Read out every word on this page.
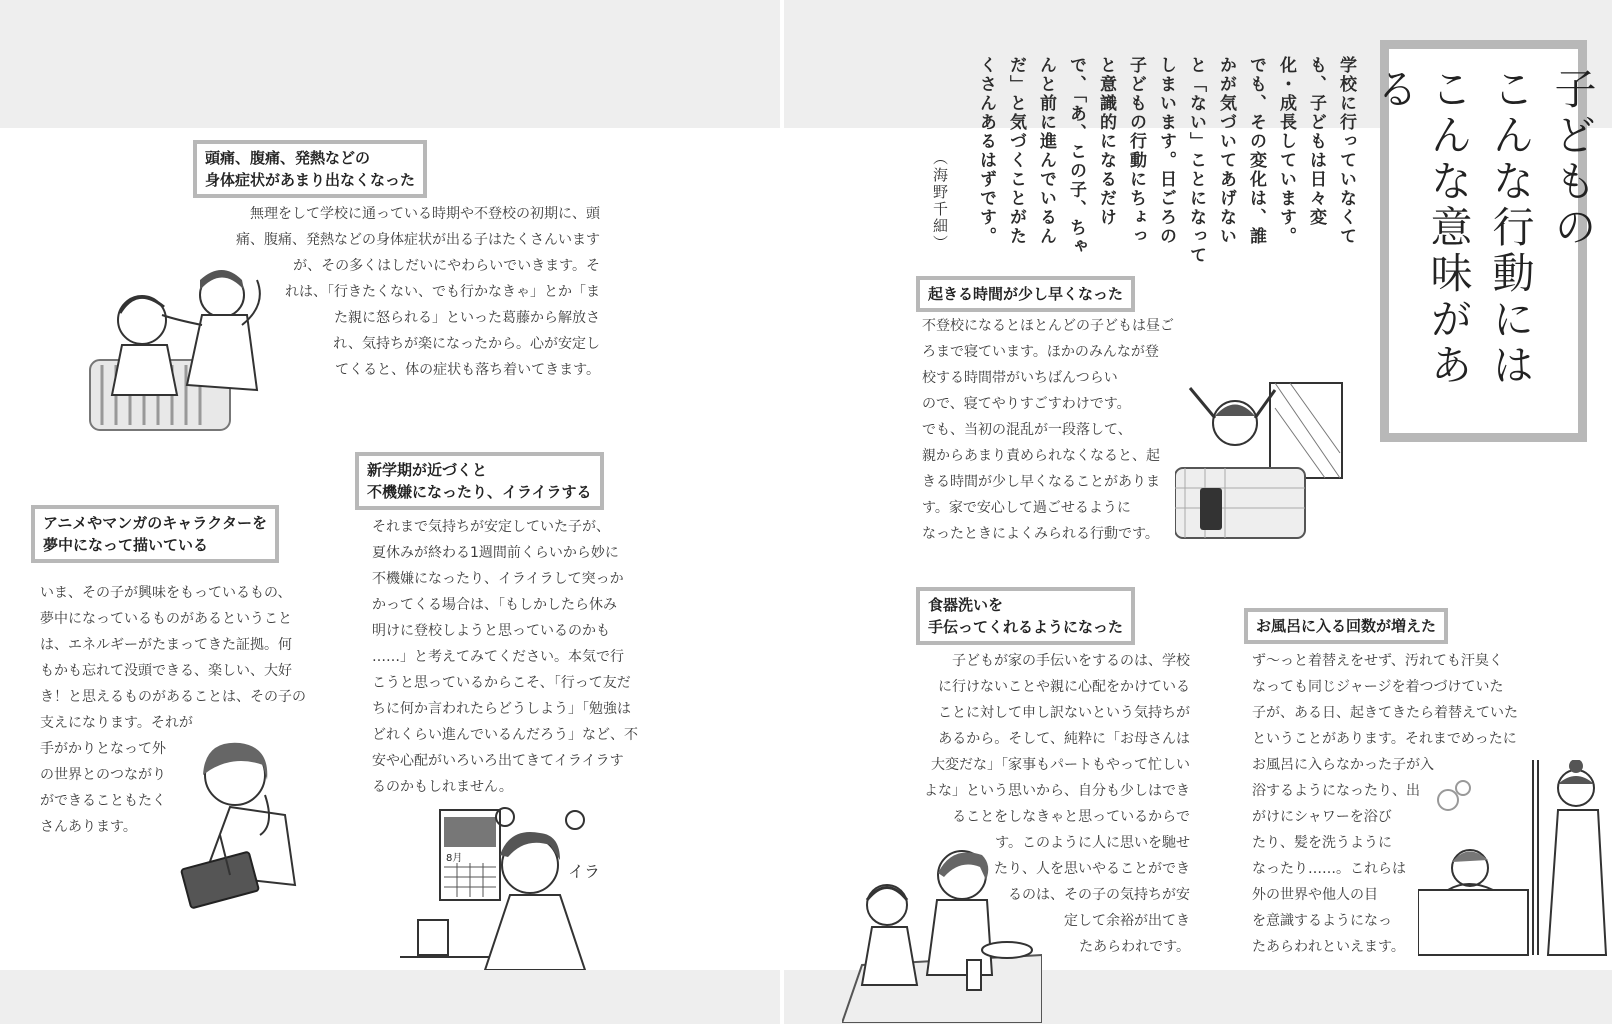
子どもの
こんな行動には
こんな意味がある
学校に行っていなくて
も、子どもは日々変
化・成長しています。
でも、その変化は、誰
かが気づいてあげない
と「ない」ことになって
しまいます。日ごろの
子どもの行動にちょっ
と意識的になるだけ
で、「あ、この子、ちゃ
んと前に進んでいるん
だ」と気づくことがた
くさんあるはずです。
（海野千細）
頭痛、腹痛、発熱などの
身体症状があまり出なくなった
無理をして学校に通っている時期や不登校の初期に、頭
痛、腹痛、発熱などの身体症状が出る子はたくさんいます
が、その多くはしだいにやわらいでいきます。そ
れは、「行きたくない、でも行かなきゃ」とか「ま
た親に怒られる」といった葛藤から解放さ
れ、気持ちが楽になったから。心が安定し
てくると、体の症状も落ち着いてきます。
アニメやマンガのキャラクターを
夢中になって描いている
いま、その子が興味をもっているもの、
夢中になっているものがあるということ
は、エネルギーがたまってきた証拠。何
もかも忘れて没頭できる、楽しい、大好
き！と思えるものがあることは、その子の
支えになります。それが
手がかりとなって外
の世界とのつながり
ができることもたく
さんあります。
新学期が近づくと
不機嫌になったり、イライラする
それまで気持ちが安定していた子が、
夏休みが終わる1週間前くらいから妙に
不機嫌になったり、イライラして突っか
かってくる場合は、「もしかしたら休み
明けに登校しようと思っているのかも
……」と考えてみてください。本気で行
こうと思っているからこそ、「行って友だ
ちに何か言われたらどうしよう」「勉強は
どれくらい進んでいるんだろう」など、不
安や心配がいろいろ出てきてイライラす
るのかもしれません。
8月
イラ
起きる時間が少し早くなった
不登校になるとほとんどの子どもは昼ご
ろまで寝ています。ほかのみんなが登
校する時間帯がいちばんつらい
ので、寝てやりすごすわけです。
でも、当初の混乱が一段落して、
親からあまり責められなくなると、起
きる時間が少し早くなることがありま
す。家で安心して過ごせるように
なったときによくみられる行動です。
食器洗いを
手伝ってくれるようになった
子どもが家の手伝いをするのは、学校
に行けないことや親に心配をかけている
ことに対して申し訳ないという気持ちが
あるから。そして、純粋に「お母さんは
大変だな」「家事もパートもやって忙しい
よな」という思いから、自分も少しはでき
ることをしなきゃと思っているからで
す。このように人に思いを馳せ
たり、人を思いやることができ
るのは、その子の気持ちが安
定して余裕が出てき
たあらわれです。
お風呂に入る回数が増えた
ず〜っと着替えをせず、汚れても汗臭く
なっても同じジャージを着つづけていた
子が、ある日、起きてきたら着替えていた
ということがあります。それまでめったに
お風呂に入らなかった子が入
浴するようになったり、出
がけにシャワーを浴び
たり、髪を洗うように
なったり……。これらは
外の世界や他人の目
を意識するようになっ
たあらわれといえます。
